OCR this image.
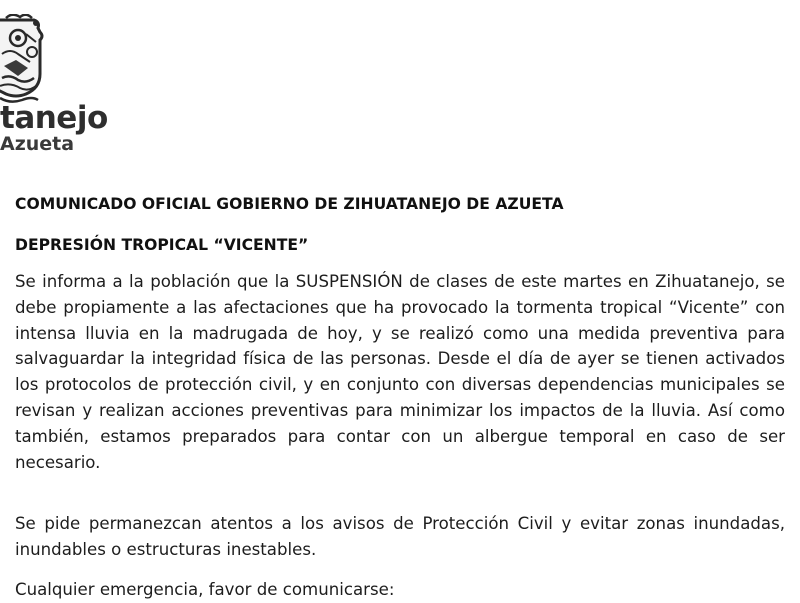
tanejo
Azueta
COMUNICADO OFICIAL GOBIERNO DE ZIHUATANEJO DE AZUETA
DEPRESIÓN TROPICAL “VICENTE”
Se informa a la población que la SUSPENSIÓN de clases de este martes en Zihuatanejo, se
debe propiamente a las afectaciones que ha provocado la tormenta tropical “Vicente” con
intensa lluvia en la madrugada de hoy, y se realizó como una medida preventiva para
salvaguardar la integridad física de las personas. Desde el día de ayer se tienen activados
los protocolos de protección civil, y en conjunto con diversas dependencias municipales se
revisan y realizan acciones preventivas para minimizar los impactos de la lluvia. Así como
también, estamos preparados para contar con un albergue temporal en caso de ser
necesario.
Se pide permanezcan atentos a los avisos de Protección Civil y evitar zonas inundadas,
inundables o estructuras inestables.
Cualquier emergencia, favor de comunicarse:
